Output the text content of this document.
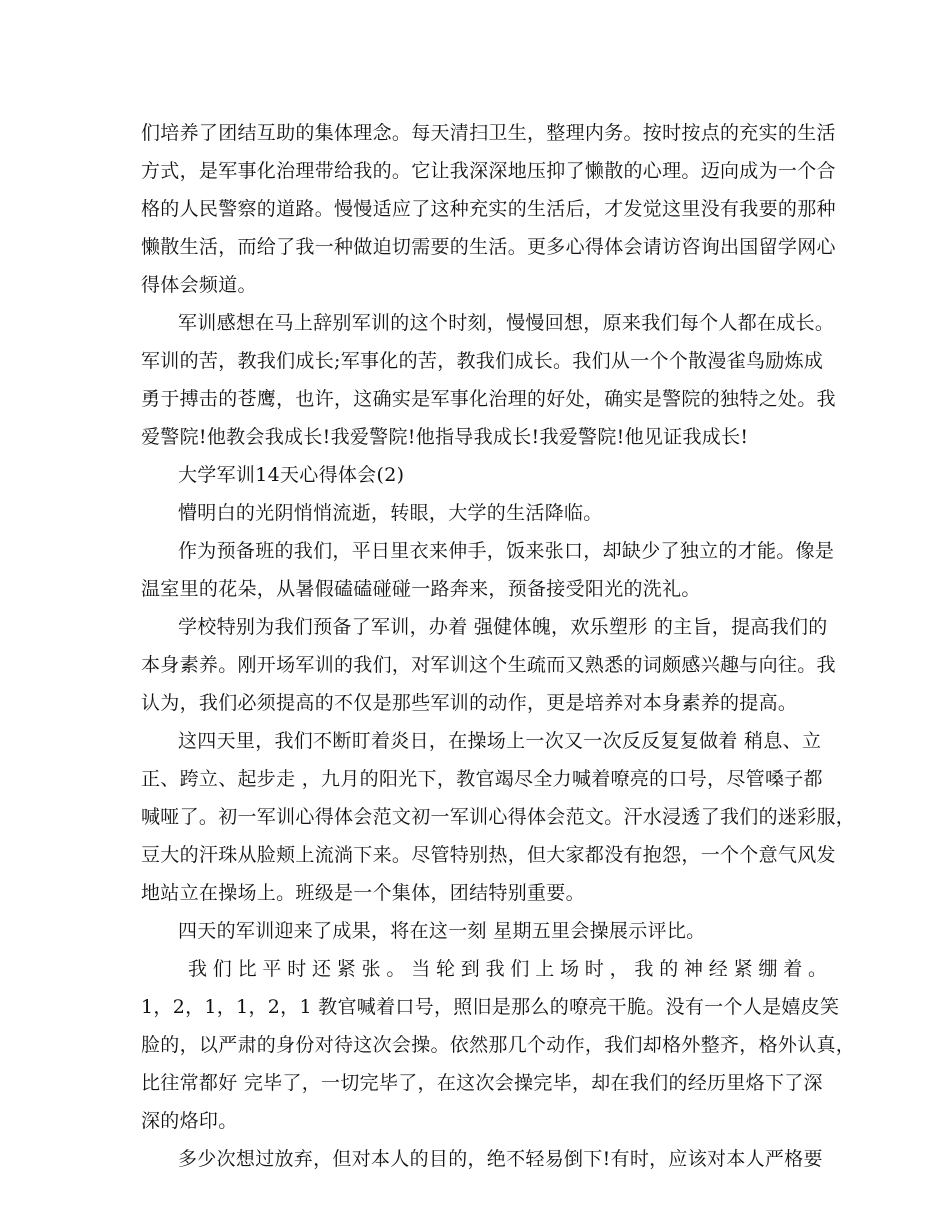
们培养了团结互助的集体理念。每天清扫卫生，整理内务。按时按点的充实的生活
方式，是军事化治理带给我的。它让我深深地压抑了懒散的心理。迈向成为一个合
格的人民警察的道路。慢慢适应了这种充实的生活后，才发觉这里没有我要的那种
懒散生活，而给了我一种做迫切需要的生活。更多心得体会请访咨询出国留学网心
得体会频道。
军训感想在马上辞别军训的这个时刻，慢慢回想，原来我们每个人都在成长。
军训的苦，教我们成长;军事化的苦，教我们成长。我们从一个个散漫雀鸟励炼成
勇于搏击的苍鹰，也许，这确实是军事化治理的好处，确实是警院的独特之处。我
爱警院!他教会我成长!我爱警院!他指导我成长!我爱警院!他见证我成长!
大学军训14天心得体会(2)
懵明白的光阴悄悄流逝，转眼，大学的生活降临。
作为预备班的我们，平日里衣来伸手，饭来张口，却缺少了独立的才能。像是
温室里的花朵，从暑假磕磕碰碰一路奔来，预备接受阳光的洗礼。
学校特别为我们预备了军训，办着 强健体魄，欢乐塑形 的主旨，提高我们的
本身素养。刚开场军训的我们，对军训这个生疏而又熟悉的词颇感兴趣与向往。我
认为，我们必须提高的不仅是那些军训的动作，更是培养对本身素养的提高。
这四天里，我们不断盯着炎日，在操场上一次又一次反反复复做着 稍息、立
正、跨立、起步走 ，九月的阳光下，教官竭尽全力喊着嘹亮的口号，尽管嗓子都
喊哑了。初一军训心得体会范文初一军训心得体会范文。汗水浸透了我们的迷彩服，
豆大的汗珠从脸颊上流淌下来。尽管特别热，但大家都没有抱怨，一个个意气风发
地站立在操场上。班级是一个集体，团结特别重要。
四天的军训迎来了成果，将在这一刻 星期五里会操展示评比。
我们比平时还紧张。当轮到我们上场时，我的神经紧绷着。
1，2，1，1，2，1 教官喊着口号，照旧是那么的嘹亮干脆。没有一个人是嬉皮笑
脸的，以严肃的身份对待这次会操。依然那几个动作，我们却格外整齐，格外认真，
比往常都好 完毕了，一切完毕了，在这次会操完毕，却在我们的经历里烙下了深
深的烙印。
多少次想过放弃，但对本人的目的，绝不轻易倒下!有时，应该对本人严格要
